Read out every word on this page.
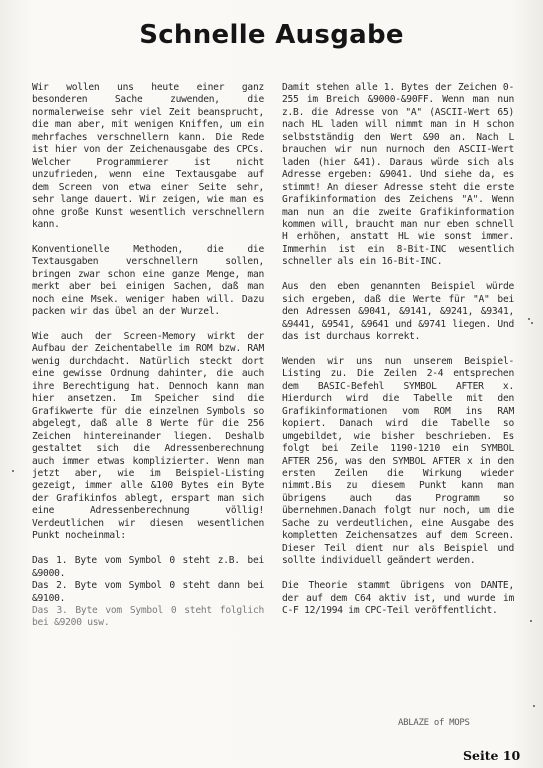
Schnelle Ausgabe

Wir wollen uns heute einer ganz besonderen Sache zuwenden, die normalerweise sehr viel Zeit beansprucht, die man aber, mit wenigen Kniffen, um ein mehrfaches verschnellern kann. Die Rede ist hier von der Zeichenausgabe des CPCs. Welcher Programmierer ist nicht unzufrieden, wenn eine Textausgabe auf dem Screen von etwa einer Seite sehr, sehr lange dauert. Wir zeigen, wie man es ohne große Kunst wesentlich verschnellern kann.

Konventionelle Methoden, die die Textausgaben verschnellern sollen, bringen zwar schon eine ganze Menge, man merkt aber bei einigen Sachen, daß man noch eine Msek. weniger haben will. Dazu packen wir das übel an der Wurzel.

Wie auch der Screen-Memory wirkt der Aufbau der Zeichentabelle im ROM bzw. RAM wenig durchdacht. Natürlich steckt dort eine gewisse Ordnung dahinter, die auch ihre Berechtigung hat. Dennoch kann man hier ansetzen. Im Speicher sind die Grafikwerte für die einzelnen Symbols so abgelegt, daß alle 8 Werte für die 256 Zeichen hintereinander liegen. Deshalb gestaltet sich die Adressenberechnung auch immer etwas komplizierter. Wenn man jetzt aber, wie im Beispiel-Listing gezeigt, immer alle &100 Bytes ein Byte der Grafikinfos ablegt, erspart man sich eine Adressenberechnung völlig! Verdeutlichen wir diesen wesentlichen Punkt nocheinmal:

Das 1. Byte vom Symbol 0 steht z.B. bei &9000.

Das 2. Byte vom Symbol 0 steht dann bei &9100.

Das 3. Byte vom Symbol 0 steht folglich bei &9200 usw.

Damit stehen alle 1. Bytes der Zeichen 0-255 im Breich &9000-&90FF. Wenn man nun z.B. die Adresse von "A" (ASCII-Wert 65) nach HL laden will nimmt man in H schon selbstständig den Wert &90 an. Nach L brauchen wir nun nurnoch den ASCII-Wert laden (hier &41). Daraus würde sich als Adresse ergeben: &9041. Und siehe da, es stimmt! An dieser Adresse steht die erste Grafikinformation des Zeichens "A". Wenn man nun an die zweite Grafikinformation kommen will, braucht man nur eben schnell H erhöhen, anstatt HL wie sonst immer. Immerhin ist ein 8-Bit-INC wesentlich schneller als ein 16-Bit-INC.

Aus den eben genannten Beispiel würde sich ergeben, daß die Werte für "A" bei den Adressen &9041, &9141, &9241, &9341, &9441, &9541, &9641 und &9741 liegen. Und das ist durchaus korrekt.

Wenden wir uns nun unserem Beispiel-Listing zu. Die Zeilen 2-4 entsprechen dem BASIC-Befehl SYMBOL AFTER x. Hierdurch wird die Tabelle mit den Grafikinformationen vom ROM ins RAM kopiert. Danach wird die Tabelle so umgebildet, wie bisher beschrieben. Es folgt bei Zeile 1190-1210 ein SYMBOL AFTER 256, was den SYMBOL AFTER x in den ersten Zeilen die Wirkung wieder nimmt.Bis zu diesem Punkt kann man übrigens auch das Programm so übernehmen.Danach folgt nur noch, um die Sache zu verdeutlichen, eine Ausgabe des kompletten Zeichensatzes auf dem Screen. Dieser Teil dient nur als Beispiel und sollte individuell geändert werden.

Die Theorie stammt übrigens von DANTE, der auf dem C64 aktiv ist, und wurde im C-F 12/1994 im CPC-Teil veröffentlicht.

ABLAZE of MOPS
Seite 10
